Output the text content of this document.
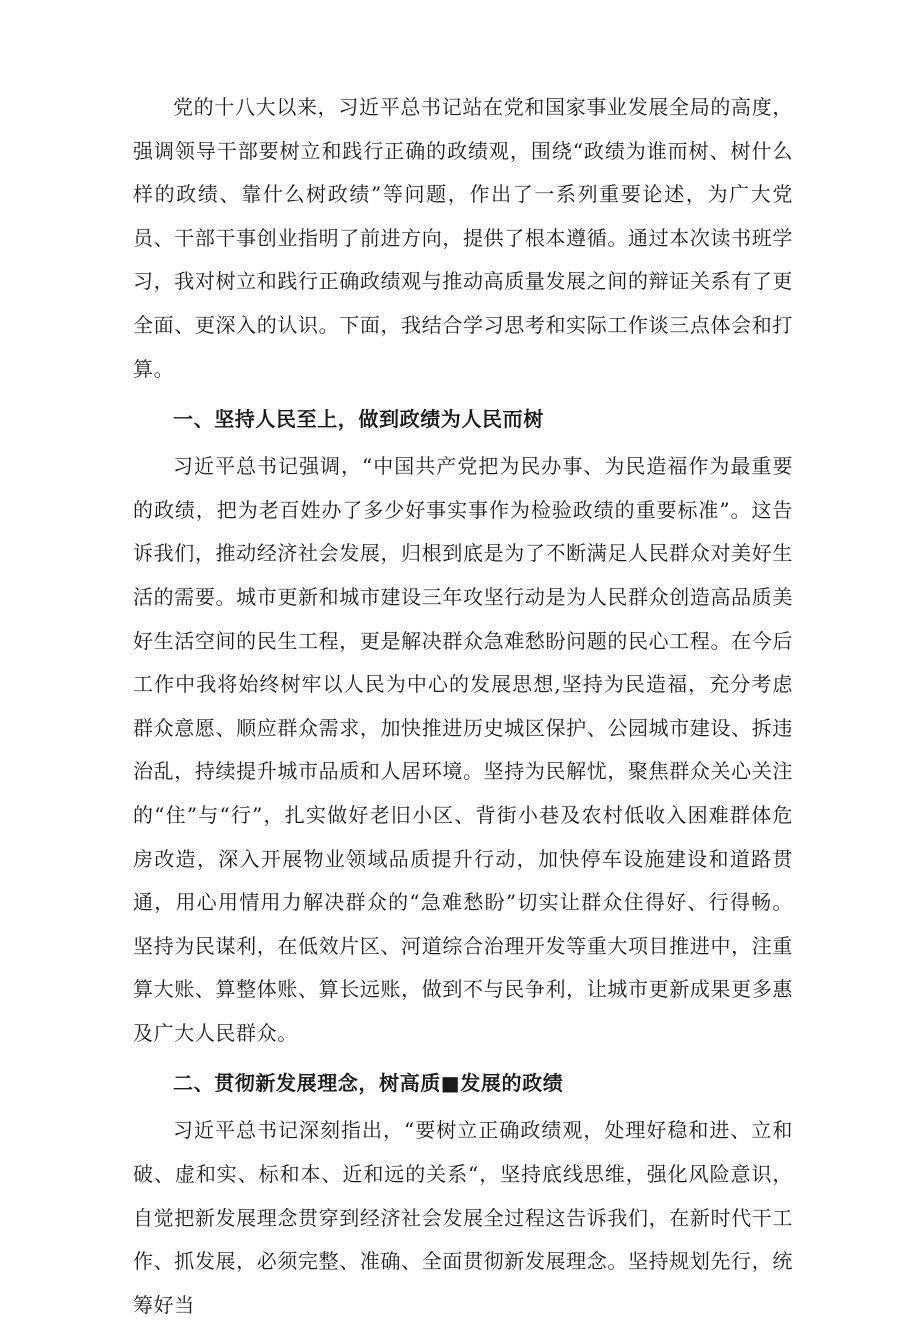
党的十八大以来，习近平总书记站在党和国家事业发展全局的高度，强调领导干部要树立和践行正确的政绩观，围绕“政绩为谁而树、树什么样的政绩、靠什么树政绩”等问题，作出了一系列重要论述，为广大党员、干部干事创业指明了前进方向，提供了根本遵循。通过本次读书班学习，我对树立和践行正确政绩观与推动高质量发展之间的辩证关系有了更全面、更深入的认识。下面，我结合学习思考和实际工作谈三点体会和打算。

一、坚持人民至上，做到政绩为人民而树

习近平总书记强调，“中国共产党把为民办事、为民造福作为最重要的政绩，把为老百姓办了多少好事实事作为检验政绩的重要标准”。这告诉我们，推动经济社会发展，归根到底是为了不断满足人民群众对美好生活的需要。城市更新和城市建设三年攻坚行动是为人民群众创造高品质美好生活空间的民生工程，更是解决群众急难愁盼问题的民心工程。在今后工作中我将始终树牢以人民为中心的发展思想,坚持为民造福，充分考虑群众意愿、顺应群众需求，加快推进历史城区保护、公园城市建设、拆违治乱，持续提升城市品质和人居环境。坚持为民解忧，聚焦群众关心关注的“住”与“行”，扎实做好老旧小区、背街小巷及农村低收入困难群体危房改造，深入开展物业领域品质提升行动，加快停车设施建设和道路贯通，用心用情用力解决群众的“急难愁盼”切实让群众住得好、行得畅。坚持为民谋利，在低效片区、河道综合治理开发等重大项目推进中，注重算大账、算整体账、算长远账，做到不与民争利，让城市更新成果更多惠及广大人民群众。

二、贯彻新发展理念，树高质■发展的政绩

习近平总书记深刻指出，“要树立正确政绩观，处理好稳和进、立和破、虚和实、标和本、近和远的关系“，坚持底线思维，强化风险意识，自觉把新发展理念贯穿到经济社会发展全过程这告诉我们，在新时代干工作、抓发展，必须完整、准确、全面贯彻新发展理念。坚持规划先行，统筹好当
